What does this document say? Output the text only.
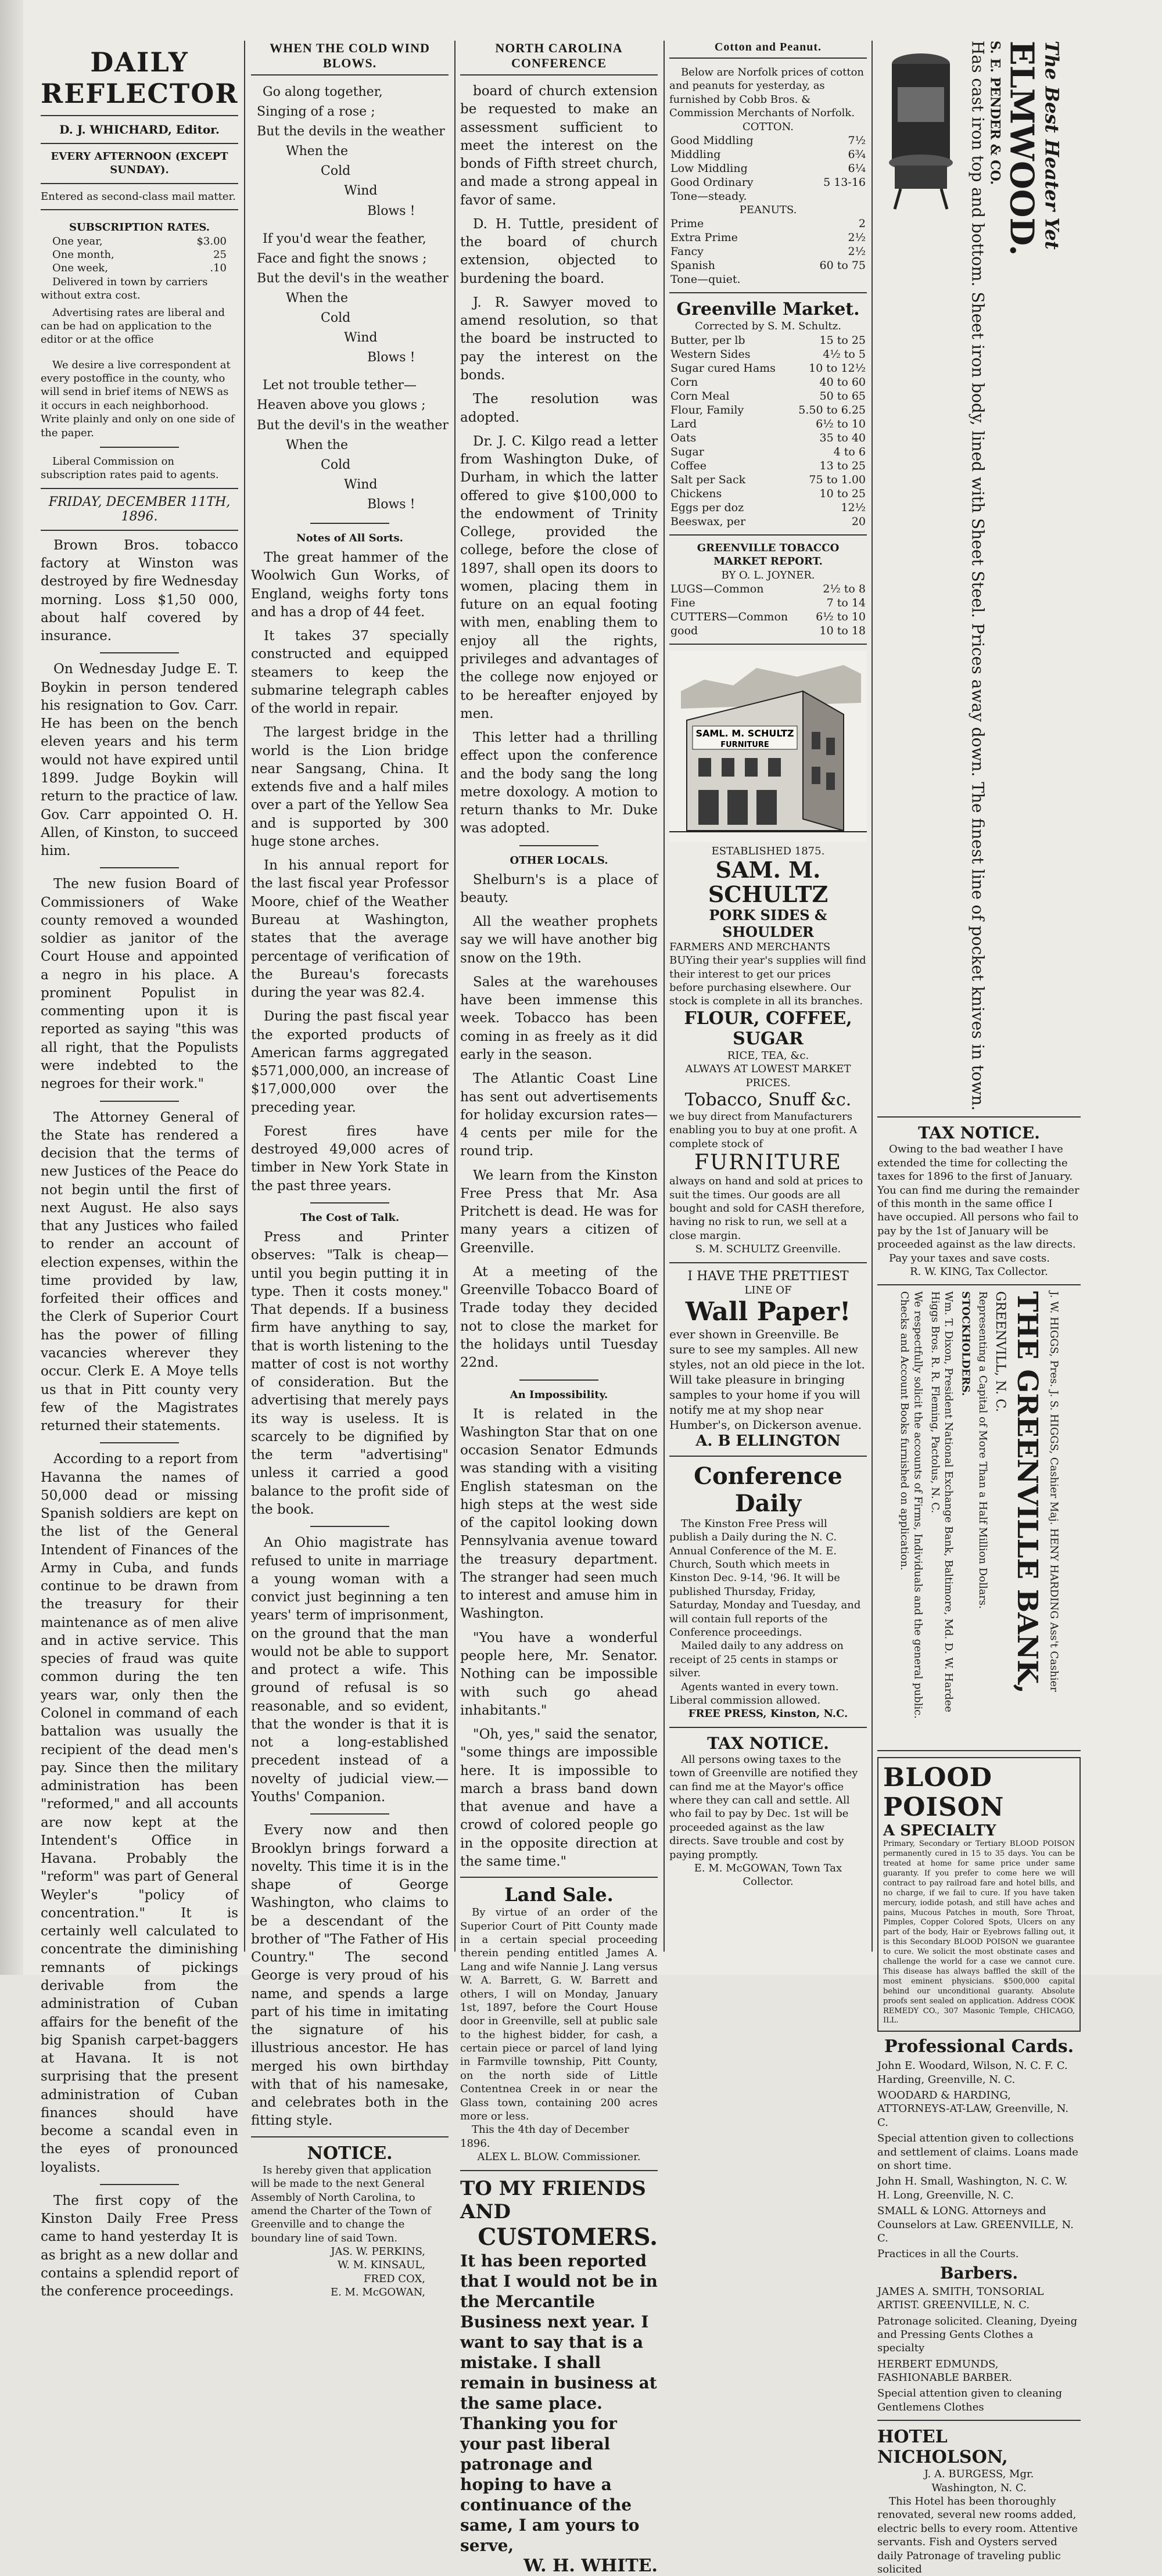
DAILY REFLECTOR
D. J. WHICHARD, Editor.
EVERY AFTERNOON (EXCEPT SUNDAY).
Entered as second-class mail matter.
SUBSCRIPTION RATES.
One year,	$3.00
One month,	25
One week,	.10
Delivered in town by carriers without extra cost.
Advertising rates are liberal and can be had on application to the editor or at the office
We desire a live correspondent at every postoffice in the county, who will send in brief items of NEWS as it occurs in each neighborhood. Write plainly and only on one side of the paper.
Liberal Commission on subscription rates paid to agents.
FRIDAY, DECEMBER 11TH, 1896.

Brown Bros. tobacco factory at Winston was destroyed by fire Wednesday morning. Loss $1,50 000, about half covered by insurance.

On Wednesday Judge E. T. Boykin in person tendered his resignation to Gov. Carr. He has been on the bench eleven years and his term would not have expired until 1899. Judge Boykin will return to the practice of law. Gov. Carr appointed O. H. Allen, of Kinston, to succeed him.

The new fusion Board of Commissioners of Wake county removed a wounded soldier as janitor of the Court House and appointed a negro in his place. A prominent Populist in commenting upon it is reported as saying "this was all right, that the Populists were indebted to the negroes for their work."

The Attorney General of the State has rendered a decision that the terms of new Justices of the Peace do not begin until the first of next August. He also says that any Justices who failed to render an account of election expenses, within the time provided by law, forfeited their offices and the Clerk of Superior Court has the power of filling vacancies wherever they occur. Clerk E. A Moye tells us that in Pitt county very few of the Magistrates returned their statements.

According to a report from Havanna the names of 50,000 dead or missing Spanish soldiers are kept on the list of the General Intendent of Finances of the Army in Cuba, and funds continue to be drawn from the treasury for their maintenance as of men alive and in active service. This species of fraud was quite common during the ten years war, only then the Colonel in command of each battalion was usually the recipient of the dead men's pay. Since then the military administration has been "reformed," and all accounts are now kept at the Intendent's Office in Havana. Probably the "reform" was part of General Weyler's "policy of concentration." It is certainly well calculated to concentrate the diminishing remnants of pickings derivable from the administration of Cuban affairs for the benefit of the big Spanish carpet-baggers at Havana. It is not surprising that the present administration of Cuban finances should have become a scandal even in the eyes of pronounced loyalists.

The first copy of the Kinston Daily Free Press came to hand yesterday It is as bright as a new dollar and contains a splendid report of the conference proceedings.

WHEN THE COLD WIND BLOWS.
Go along together,
Singing of a rose ;
But the devils in the weather
When the
Cold
Wind
Blows !
If you'd wear the feather,
Face and fight the snows ;
But the devil's in the weather
When the
Cold
Wind
Blows !
Let not trouble tether—
Heaven above you glows ;
But the devil's in the weather
When the
Cold
Wind
Blows !
Notes of All Sorts.

The great hammer of the Woolwich Gun Works, of England, weighs forty tons and has a drop of 44 feet.

It takes 37 specially constructed and equipped steamers to keep the submarine telegraph cables of the world in repair.

The largest bridge in the world is the Lion bridge near Sangsang, China. It extends five and a half miles over a part of the Yellow Sea and is supported by 300 huge stone arches.

In his annual report for the last fiscal year Professor Moore, chief of the Weather Bureau at Washington, states that the average percentage of verification of the Bureau's forecasts during the year was 82.4.

During the past fiscal year the exported products of American farms aggregated $571,000,000, an increase of $17,000,000 over the preceding year.

Forest fires have destroyed 49,000 acres of timber in New York State in the past three years.

The Cost of Talk.

Press and Printer observes: "Talk is cheap—until you begin putting it in type. Then it costs money." That depends. If a business firm have anything to say, that is worth listening to the matter of cost is not worthy of consideration. But the advertising that merely pays its way is useless. It is scarcely to be dignified by the term "advertising" unless it carried a good balance to the profit side of the book.

An Ohio magistrate has refused to unite in marriage a young woman with a convict just beginning a ten years' term of imprisonment, on the ground that the man would not be able to support and protect a wife. This ground of refusal is so reasonable, and so evident, that the wonder is that it is not a long-established precedent instead of a novelty of judicial view.—Youths' Companion.

Every now and then Brooklyn brings forward a novelty. This time it is in the shape of George Washington, who claims to be a descendant of the brother of "The Father of His Country." The second George is very proud of his name, and spends a large part of his time in imitating the signature of his illustrious ancestor. He has merged his own birthday with that of his namesake, and celebrates both in the fitting style.

NOTICE.
Is hereby given that application will be made to the next General Assembly of North Carolina, to amend the Charter of the Town of Greenville and to change the boundary line of said Town.
JAS. W. PERKINS,
W. M. KINSAUL,
FRED COX,
E. M. McGOWAN,
NORTH CAROLINA CONFERENCE

board of church extension be requested to make an assessment sufficient to meet the interest on the bonds of Fifth street church, and made a strong appeal in favor of same.

D. H. Tuttle, president of the board of church extension, objected to burdening the board.

J. R. Sawyer moved to amend resolution, so that the board be instructed to pay the interest on the bonds.

The resolution was adopted.

Dr. J. C. Kilgo read a letter from Washington Duke, of Durham, in which the latter offered to give $100,000 to the endowment of Trinity College, provided the college, before the close of 1897, shall open its doors to women, placing them in future on an equal footing with men, enabling them to enjoy all the rights, privileges and advantages of the college now enjoyed or to be hereafter enjoyed by men.

This letter had a thrilling effect upon the conference and the body sang the long metre doxology. A motion to return thanks to Mr. Duke was adopted.

OTHER LOCALS.

Shelburn's is a place of beauty.

All the weather prophets say we will have another big snow on the 19th.

Sales at the warehouses have been immense this week. Tobacco has been coming in as freely as it did early in the season.

The Atlantic Coast Line has sent out advertisements for holiday excursion rates—4 cents per mile for the round trip.

We learn from the Kinston Free Press that Mr. Asa Pritchett is dead. He was for many years a citizen of Greenville.

At a meeting of the Greenville Tobacco Board of Trade today they decided not to close the market for the holidays until Tuesday 22nd.

An Impossibility.

It is related in the Washington Star that on one occasion Senator Edmunds was standing with a visiting English statesman on the high steps at the west side of the capitol looking down Pennsylvania avenue toward the treasury department. The stranger had seen much to interest and amuse him in Washington.

"You have a wonderful people here, Mr. Senator. Nothing can be impossible with such go ahead inhabitants."

"Oh, yes," said the senator, "some things are impossible here. It is impossible to march a brass band down that avenue and have a crowd of colored people go in the opposite direction at the same time."

Land Sale.
By virtue of an order of the Superior Court of Pitt County made in a certain special proceeding therein pending entitled James A. Lang and wife Nannie J. Lang versus W. A. Barrett, G. W. Barrett and others, I will on Monday, January 1st, 1897, before the Court House door in Greenville, sell at public sale to the highest bidder, for cash, a certain piece or parcel of land lying in Farmville township, Pitt County, on the north side of Little Contentnea Creek in or near the Glass town, containing 200 acres more or less.
This the 4th day of December 1896.
ALEX L. BLOW. Commissioner.
TO MY FRIENDS AND
CUSTOMERS.
It has been reported that I would not be in the Mercantile Business next year. I want to say that is a mistake. I shall remain in business at the same place. Thanking you for your past liberal patronage and hoping to have a continuance of the same, I am yours to serve,
W. H. WHITE.
Cotton and Peanut.
Below are Norfolk prices of cotton and peanuts for yesterday, as furnished by Cobb Bros. & Commission Merchants of Norfolk.
COTTON.
Good Middling	7½
Middling	6¾
Low Middling	6¼
Good Ordinary	5 13-16
Tone—steady.	
PEANUTS.
Prime	2
Extra Prime	2½
Fancy	2½
Spanish	60 to 75
Tone—quiet.	
Greenville Market.
Corrected by S. M. Schultz.
Butter, per lb	15 to 25
Western Sides	4½ to 5
Sugar cured Hams	10 to 12½
Corn	40 to 60
Corn Meal	50 to 65
Flour, Family	5.50 to 6.25
Lard	6½ to 10
Oats	35 to 40
Sugar	4 to 6
Coffee	13 to 25
Salt per Sack	75 to 1.00
Chickens	10 to 25
Eggs per doz	12½
Beeswax, per	20
GREENVILLE TOBACCO MARKET REPORT.
BY O. L. JOYNER.
LUGS—Common	2½ to 8
Fine	7 to 14
CUTTERS—Common	6½ to 10
good	10 to 18
SAML. M. SCHULTZ
FURNITURE
ESTABLISHED 1875.
SAM. M. SCHULTZ
PORK SIDES & SHOULDER
FARMERS AND MERCHANTS BUYing their year's supplies will find their interest to get our prices before purchasing elsewhere. Our stock is complete in all its branches.
FLOUR, COFFEE, SUGAR
RICE, TEA, &c.
ALWAYS AT LOWEST MARKET PRICES.
Tobacco, Snuff &c.
we buy direct from Manufacturers enabling you to buy at one profit. A complete stock of
FURNITURE
always on hand and sold at prices to suit the times. Our goods are all bought and sold for CASH therefore, having no risk to run, we sell at a close margin.
S. M. SCHULTZ Greenville.
I HAVE THE PRETTIEST
LINE OF
Wall Paper!
ever shown in Greenville. Be sure to see my samples. All new styles, not an old piece in the lot. Will take pleasure in bringing samples to your home if you will notify me at my shop near Humber's, on Dickerson avenue.
A. B ELLINGTON
Conference Daily
The Kinston Free Press will publish a Daily during the N. C. Annual Conference of the M. E. Church, South which meets in Kinston Dec. 9-14, '96. It will be published Thursday, Friday, Saturday, Monday and Tuesday, and will contain full reports of the Conference proceedings.
Mailed daily to any address on receipt of 25 cents in stamps or silver.
Agents wanted in every town. Liberal commission allowed.
FREE PRESS, Kinston, N.C.
TAX NOTICE.
All persons owing taxes to the town of Greenville are notified they can find me at the Mayor's office where they can call and settle. All who fail to pay by Dec. 1st will be proceeded against as the law directs. Save trouble and cost by paying promptly.
E. M. McGOWAN, Town Tax Collector.
Has cast iron top and bottom. Sheet iron body, lined with Sheet Steel. Prices away down. The finest line of pocket knives in town. S. E. PENDER & CO. ELMWOOD. The Best Heater Yet
TAX NOTICE.
Owing to the bad weather I have extended the time for collecting the taxes for 1896 to the first of January. You can find me during the remainder of this month in the same office I have occupied. All persons who fail to pay by the 1st of January will be proceeded against as the law directs.
Pay your taxes and save costs.
R. W. KING, Tax Collector.
We respectfully solicit the accounts of Firms, Individuals and the general public. Checks and Account Books furnished on application.	Wm. T. Dixon, President National Exchange Bank, Baltimore, Md. D. W. Hardee Higgs Bros. R. R. Fleming, Pactolus, N. C.	STOCKHOLDERS. Representing a Capital of More Than a Half Million Dollars. GREENVILL, N. C. THE GREENVILLE BANK, J. W. HIGGS, Pres. J. S. HIGGS, Cashier Maj. HENY HARDING Ass't Cashier
BLOOD POISON
A SPECIALTY
Primary, Secondary or Tertiary BLOOD POISON permanently cured in 15 to 35 days. You can be treated at home for same price under same guaranty. If you prefer to come here we will contract to pay railroad fare and hotel bills, and no charge, if we fail to cure. If you have taken mercury, iodide potash, and still have aches and pains, Mucous Patches in mouth, Sore Throat, Pimples, Copper Colored Spots, Ulcers on any part of the body, Hair or Eyebrows falling out, it is this Secondary BLOOD POISON we guarantee to cure. We solicit the most obstinate cases and challenge the world for a case we cannot cure. This disease has always baffled the skill of the most eminent physicians. $500,000 capital behind our unconditional guaranty. Absolute proofs sent sealed on application. Address COOK REMEDY CO., 307 Masonic Temple, CHICAGO, ILL.
Professional Cards.
John E. Woodard, Wilson, N. C. F. C. Harding, Greenville, N. C.
WOODARD & HARDING, ATTORNEYS-AT-LAW, Greenville, N. C.
Special attention given to collections and settlement of claims. Loans made on short time.
John H. Small, Washington, N. C. W. H. Long, Greenville, N. C.
SMALL & LONG. Attorneys and Counselors at Law. GREENVILLE, N. C.
Practices in all the Courts.
Barbers.
JAMES A. SMITH, TONSORIAL ARTIST. GREENVILLE, N. C.
Patronage solicited. Cleaning, Dyeing and Pressing Gents Clothes a specialty
HERBERT EDMUNDS, FASHIONABLE BARBER.
Special attention given to cleaning Gentlemens Clothes
HOTEL NICHOLSON,
J. A. BURGESS, Mgr.
Washington, N. C.
This Hotel has been thoroughly renovated, several new rooms added, electric bells to every room. Attentive servants. Fish and Oysters served daily Patronage of traveling public solicited
